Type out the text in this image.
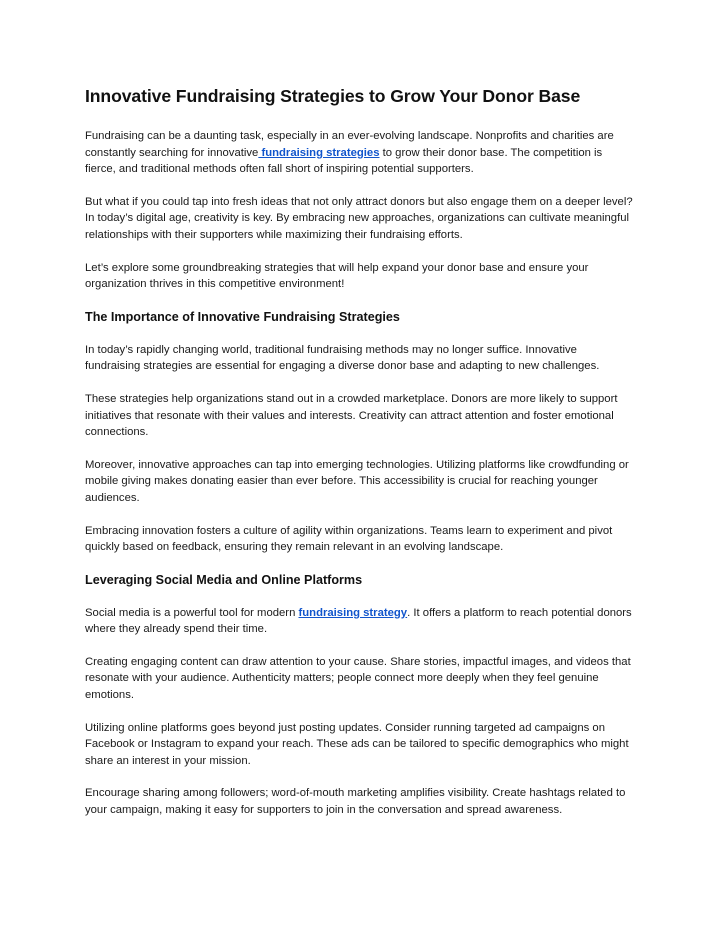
Innovative Fundraising Strategies to Grow Your Donor Base

Fundraising can be a daunting task, especially in an ever-evolving landscape. Nonprofits and charities are constantly searching for innovative fundraising strategies to grow their donor base. The competition is fierce, and traditional methods often fall short of inspiring potential supporters.

But what if you could tap into fresh ideas that not only attract donors but also engage them on a deeper level? In today’s digital age, creativity is key. By embracing new approaches, organizations can cultivate meaningful relationships with their supporters while maximizing their fundraising efforts.

Let’s explore some groundbreaking strategies that will help expand your donor base and ensure your organization thrives in this competitive environment!

The Importance of Innovative Fundraising Strategies

In today’s rapidly changing world, traditional fundraising methods may no longer suffice. Innovative fundraising strategies are essential for engaging a diverse donor base and adapting to new challenges.

These strategies help organizations stand out in a crowded marketplace. Donors are more likely to support initiatives that resonate with their values and interests. Creativity can attract attention and foster emotional connections.

Moreover, innovative approaches can tap into emerging technologies. Utilizing platforms like crowdfunding or mobile giving makes donating easier than ever before. This accessibility is crucial for reaching younger audiences.

Embracing innovation fosters a culture of agility within organizations. Teams learn to experiment and pivot quickly based on feedback, ensuring they remain relevant in an evolving landscape.

Leveraging Social Media and Online Platforms

Social media is a powerful tool for modern fundraising strategy. It offers a platform to reach potential donors where they already spend their time.

Creating engaging content can draw attention to your cause. Share stories, impactful images, and videos that resonate with your audience. Authenticity matters; people connect more deeply when they feel genuine emotions.

Utilizing online platforms goes beyond just posting updates. Consider running targeted ad campaigns on Facebook or Instagram to expand your reach. These ads can be tailored to specific demographics who might share an interest in your mission.

Encourage sharing among followers; word-of-mouth marketing amplifies visibility. Create hashtags related to your campaign, making it easy for supporters to join in the conversation and spread awareness.
